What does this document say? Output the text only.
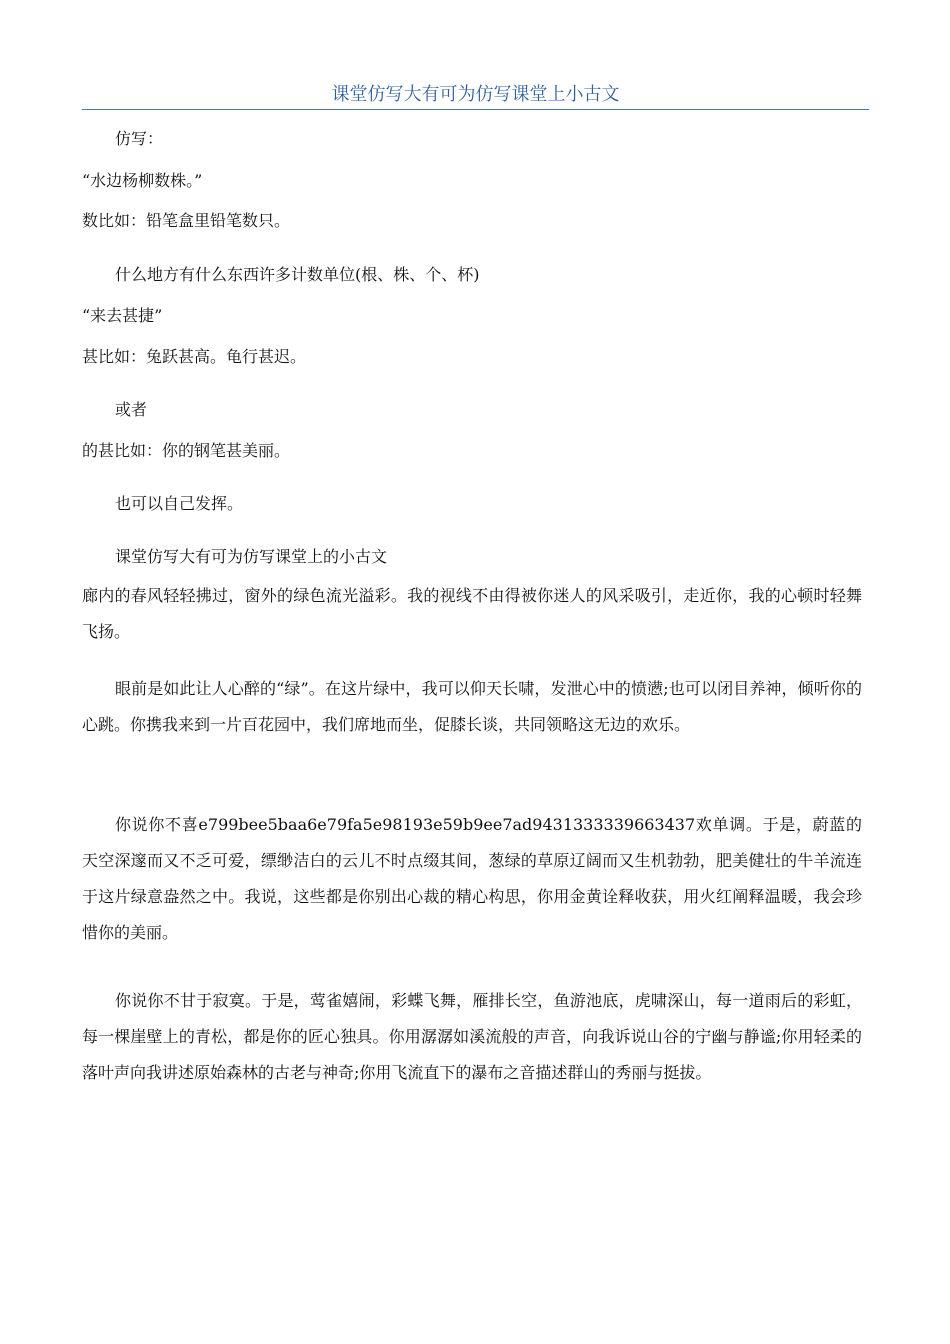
课堂仿写大有可为仿写课堂上小古文
仿写：
“水边杨柳数株。”
数比如：铅笔盒里铅笔数只。
什么地方有什么东西许多计数单位(根、株、个、杯)
“来去甚捷”
甚比如：兔跃甚高。龟行甚迟。
或者
的甚比如：你的钢笔甚美丽。
也可以自己发挥。
课堂仿写大有可为仿写课堂上的小古文
廊内的春风轻轻拂过，窗外的绿色流光溢彩。我的视线不由得被你迷人的风采吸引，走近你，我的心顿时轻舞飞扬。
眼前是如此让人心醉的“绿”。在这片绿中，我可以仰天长啸，发泄心中的愤懑;也可以闭目养神，倾听你的心跳。你携我来到一片百花园中，我们席地而坐，促膝长谈，共同领略这无边的欢乐。
你说你不喜e799bee5baa6e79fa5e98193e59b9ee7ad9431333339663437欢单调。于是，蔚蓝的天空深邃而又不乏可爱，缥缈洁白的云儿不时点缀其间，葱绿的草原辽阔而又生机勃勃，肥美健壮的牛羊流连于这片绿意盎然之中。我说，这些都是你别出心裁的精心构思，你用金黄诠释收获，用火红阐释温暖，我会珍惜你的美丽。
你说你不甘于寂寞。于是，莺雀嬉闹，彩蝶飞舞，雁排长空，鱼游池底，虎啸深山，每一道雨后的彩虹，每一棵崖壁上的青松，都是你的匠心独具。你用潺潺如溪流般的声音，向我诉说山谷的宁幽与静谧;你用轻柔的落叶声向我讲述原始森林的古老与神奇;你用飞流直下的瀑布之音描述群山的秀丽与挺拔。
